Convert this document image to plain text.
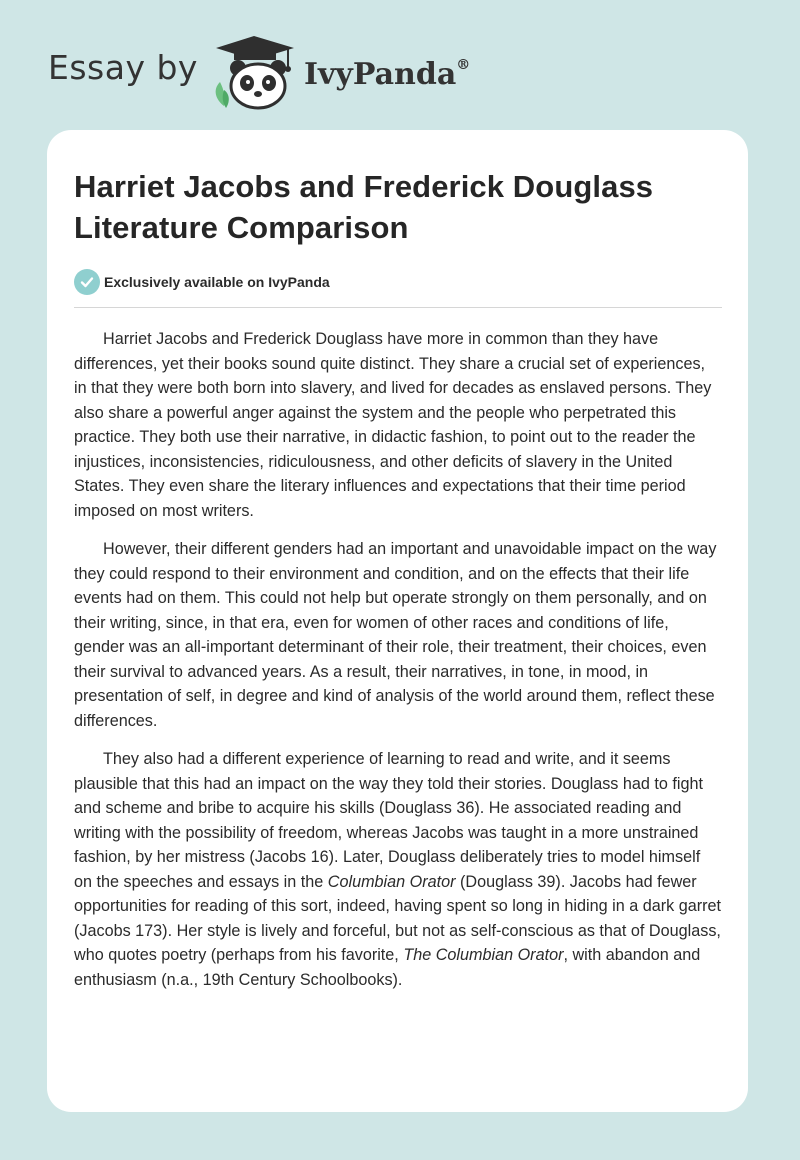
Essay by	IvyPanda®
Harriet Jacobs and Frederick Douglass Literature Comparison
Exclusively available on IvyPanda

Harriet Jacobs and Frederick Douglass have more in common than they have differences, yet their books sound quite distinct. They share a crucial set of experiences, in that they were both born into slavery, and lived for decades as enslaved persons. They also share a powerful anger against the system and the people who perpetrated this practice. They both use their narrative, in didactic fashion, to point out to the reader the injustices, inconsistencies, ridiculousness, and other deficits of slavery in the United States. They even share the literary influences and expectations that their time period imposed on most writers.

However, their different genders had an important and unavoidable impact on the way they could respond to their environment and condition, and on the effects that their life events had on them. This could not help but operate strongly on them personally, and on their writing, since, in that era, even for women of other races and conditions of life, gender was an all-important determinant of their role, their treatment, their choices, even their survival to advanced years. As a result, their narratives, in tone, in mood, in presentation of self, in degree and kind of analysis of the world around them, reflect these differences.

They also had a different experience of learning to read and write, and it seems plausible that this had an impact on the way they told their stories. Douglass had to fight and scheme and bribe to acquire his skills (Douglass 36). He associated reading and writing with the possibility of freedom, whereas Jacobs was taught in a more unstrained fashion, by her mistress (Jacobs 16). Later, Douglass deliberately tries to model himself on the speeches and essays in the Columbian Orator (Douglass 39). Jacobs had fewer opportunities for reading of this sort, indeed, having spent so long in hiding in a dark garret (Jacobs 173). Her style is lively and forceful, but not as self-conscious as that of Douglass, who quotes poetry (perhaps from his favorite, The Columbian Orator, with abandon and enthusiasm (n.a., 19th Century Schoolbooks).
